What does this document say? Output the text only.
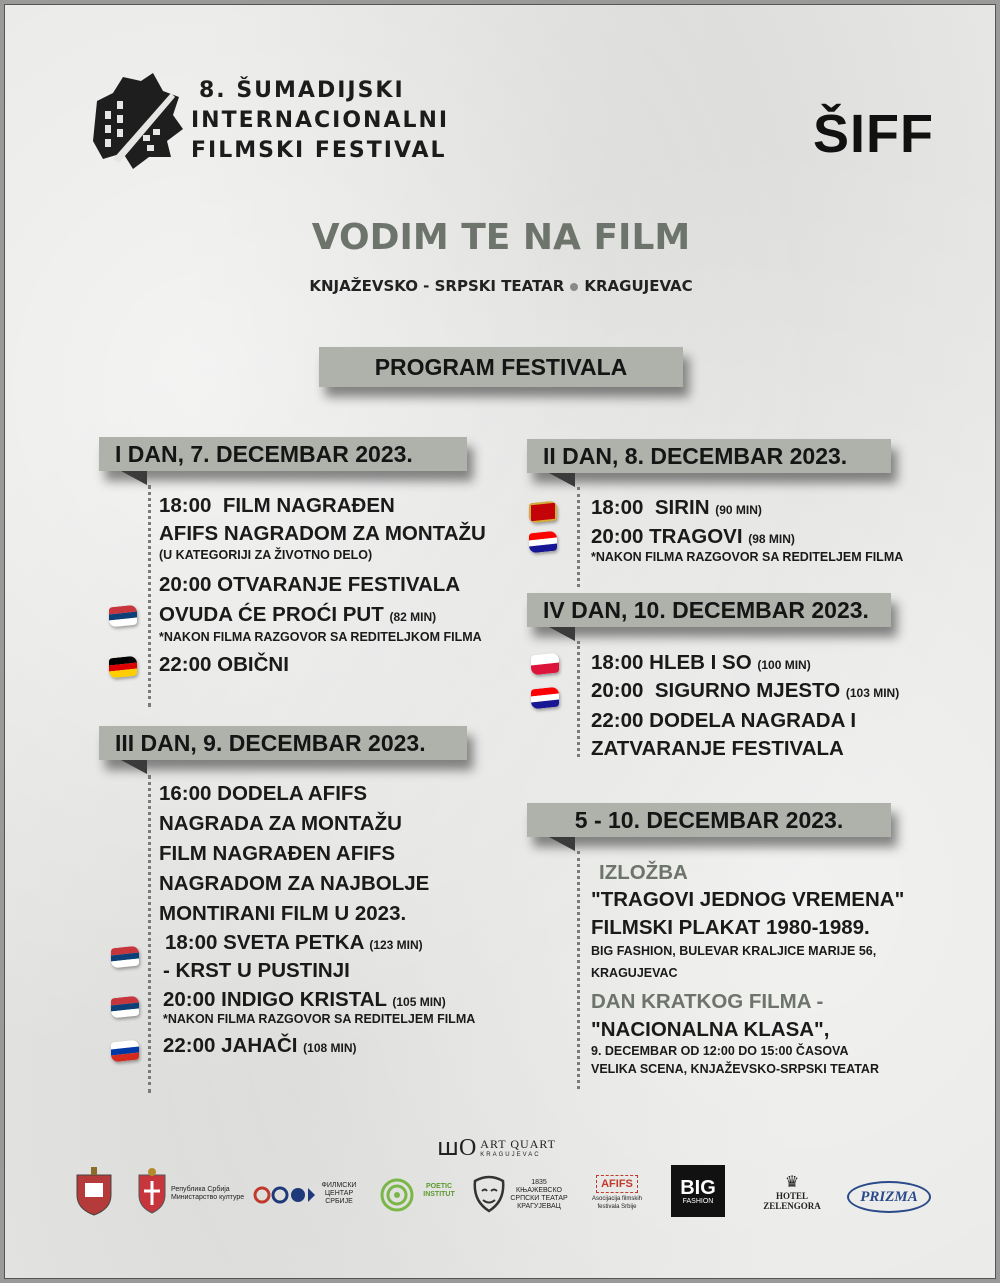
8. ŠUMADIJSKI
INTERNACIONALNI
FILMSKI FESTIVAL	ŠIFF
VODIM TE NA FILM
KNJAŽEVSKO - SRPSKI TEATAR KRAGUJEVAC
PROGRAM FESTIVALA
I DAN, 7. DECEMBAR 2023.
18:00 FILM NAGRAĐEN
AFIFS NAGRADOM ZA MONTAŽU
(U KATEGORIJI ZA ŽIVOTNO DELO)
20:00 OTVARANJE FESTIVALA
OVUDA ĆE PROĆI PUT (82 MIN)
*NAKON FILMA RAZGOVOR SA REDITELJKOM FILMA
22:00 OBIČNI
III DAN, 9. DECEMBAR 2023.
16:00 DODELA AFIFS
NAGRADA ZA MONTAŽU
FILM NAGRAĐEN AFIFS
NAGRADOM ZA NAJBOLJE
MONTIRANI FILM U 2023.
18:00 SVETA PETKA (123 MIN)
- KRST U PUSTINJI
20:00 INDIGO KRISTAL (105 MIN)
*NAKON FILMA RAZGOVOR SA REDITELJEM FILMA
22:00 JAHAČI (108 MIN)
II DAN, 8. DECEMBAR 2023.
18:00 SIRIN (90 MIN)
20:00 TRAGOVI (98 MIN)
*NAKON FILMA RAZGOVOR SA REDITELJEM FILMA
IV DAN, 10. DECEMBAR 2023.
18:00 HLEB I SO (100 MIN)
20:00 SIGURNO MJESTO (103 MIN)
22:00 DODELA NAGRADA I
ZATVARANJE FESTIVALA
5 - 10. DECEMBAR 2023.
IZLOŽBA
"TRAGOVI JEDNOG VREMENA"
FILMSKI PLAKAT 1980-1989.
BIG FASHION, BULEVAR KRALJICE MARIJE 56,
KRAGUJEVAC
DAN KRATKOG FILMA -
"NACIONALNA KLASA",
9. DECEMBAR OD 12:00 DO 15:00 ČASOVA
VELIKA SCENA, KNJAŽEVSKO-SRPSKI TEATAR
ꟺO ART QUART
KRAGUJEVAC
Република Србија
Министарство културе
ФИЛМСКИ
ЦЕНТАР
СРБИЈЕ
POETIC
INSTITUT
1835
КЊАЖЕВСКО
СРПСКИ ТЕАТАР
КРАГУЈЕВАЦ
AFIFS
Asocijacija filmskih
festivala Srbije
BIG
FASHION
♛
HOTEL ZELENGORA
PRIZMA
